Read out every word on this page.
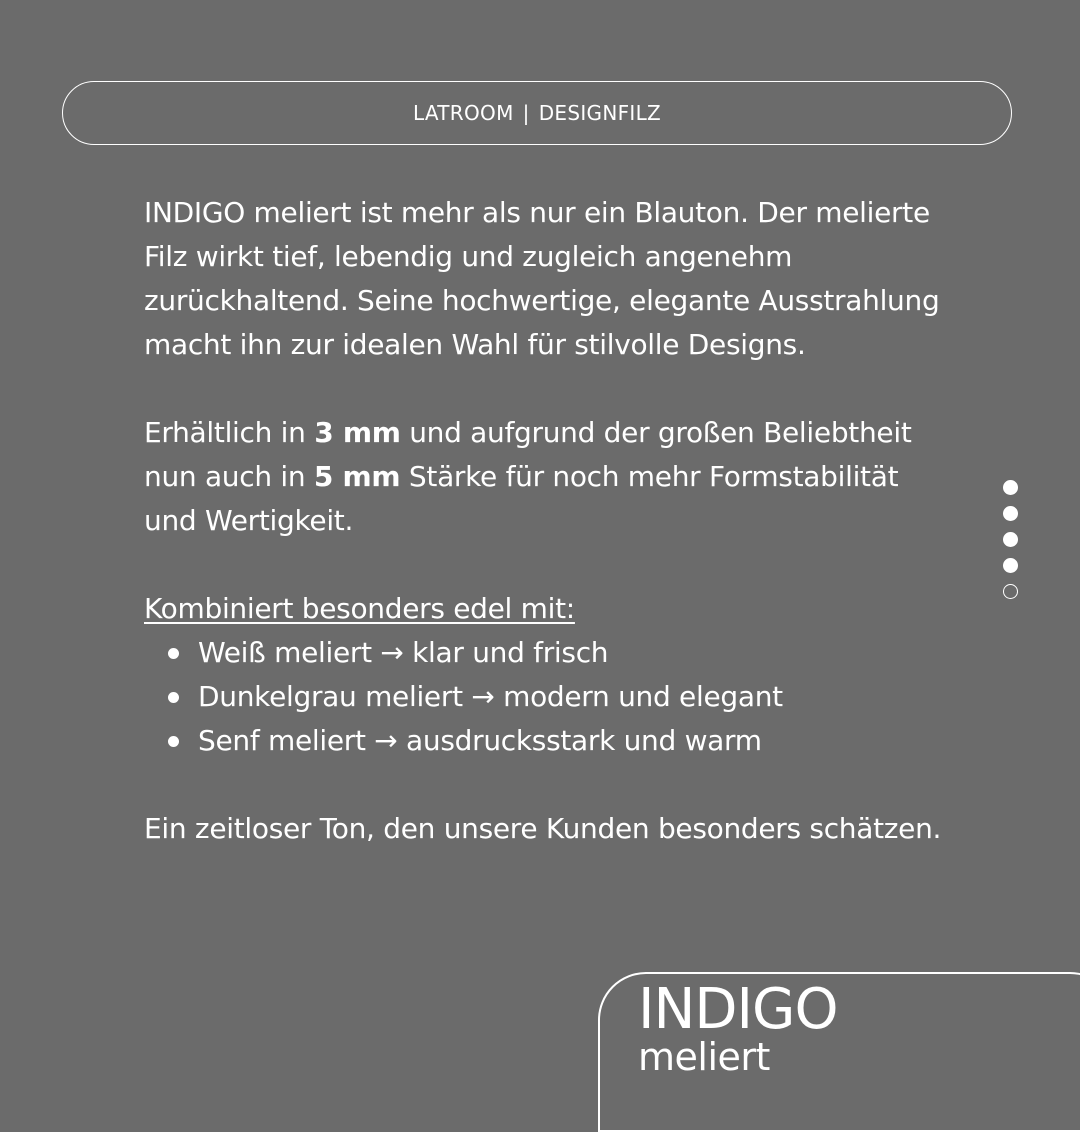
LATROOM | DESIGNFILZ

INDIGO meliert ist mehr als nur ein Blauton. Der melierte Filz wirkt tief, lebendig und zugleich angenehm zurückhaltend. Seine hochwertige, elegante Ausstrahlung macht ihn zur idealen Wahl für stilvolle Designs.

Erhältlich in 3 mm und aufgrund der großen Beliebtheit nun auch in 5 mm Stärke für noch mehr Formstabilität und Wertigkeit.

Kombiniert besonders edel mit:

Weiß meliert → klar und frisch
Dunkelgrau meliert → modern und elegant
Senf meliert → ausdrucksstark und warm

Ein zeitloser Ton, den unsere Kunden besonders schätzen.

INDIGO
meliert
